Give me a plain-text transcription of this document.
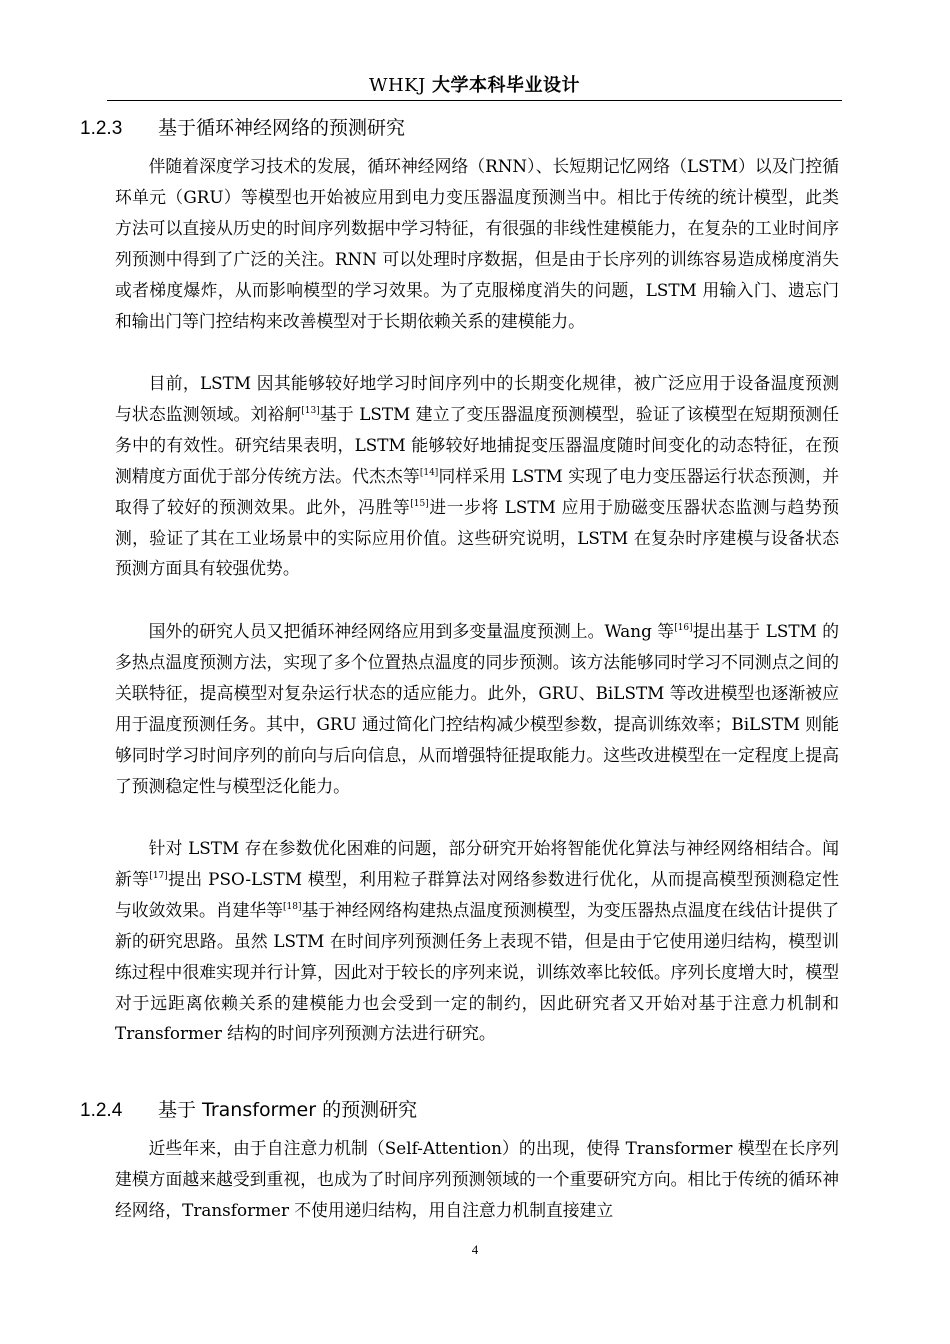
WHKJ 大学本科毕业设计
1.2.3 基于循环神经网络的预测研究

伴随着深度学习技术的发展，循环神经网络（RNN）、长短期记忆网络（LSTM）以及门控循环单元（GRU）等模型也开始被应用到电力变压器温度预测当中。相比于传统的统计模型，此类方法可以直接从历史的时间序列数据中学习特征，有很强的非线性建模能力，在复杂的工业时间序列预测中得到了广泛的关注。RNN 可以处理时序数据，但是由于长序列的训练容易造成梯度消失或者梯度爆炸，从而影响模型的学习效果。为了克服梯度消失的问题，LSTM 用输入门、遗忘门和输出门等门控结构来改善模型对于长期依赖关系的建模能力。

目前，LSTM 因其能够较好地学习时间序列中的长期变化规律，被广泛应用于设备温度预测与状态监测领域。刘裕舸[13]基于 LSTM 建立了变压器温度预测模型，验证了该模型在短期预测任务中的有效性。研究结果表明，LSTM 能够较好地捕捉变压器温度随时间变化的动态特征，在预测精度方面优于部分传统方法。代杰杰等[14]同样采用 LSTM 实现了电力变压器运行状态预测，并取得了较好的预测效果。此外，冯胜等[15]进一步将 LSTM 应用于励磁变压器状态监测与趋势预测，验证了其在工业场景中的实际应用价值。这些研究说明，LSTM 在复杂时序建模与设备状态预测方面具有较强优势。

国外的研究人员又把循环神经网络应用到多变量温度预测上。Wang 等[16]提出基于 LSTM 的多热点温度预测方法，实现了多个位置热点温度的同步预测。该方法能够同时学习不同测点之间的关联特征，提高模型对复杂运行状态的适应能力。此外，GRU、BiLSTM 等改进模型也逐渐被应用于温度预测任务。其中，GRU 通过简化门控结构减少模型参数，提高训练效率；BiLSTM 则能够同时学习时间序列的前向与后向信息，从而增强特征提取能力。这些改进模型在一定程度上提高了预测稳定性与模型泛化能力。

针对 LSTM 存在参数优化困难的问题，部分研究开始将智能优化算法与神经网络相结合。闻新等[17]提出 PSO-LSTM 模型，利用粒子群算法对网络参数进行优化，从而提高模型预测稳定性与收敛效果。肖建华等[18]基于神经网络构建热点温度预测模型，为变压器热点温度在线估计提供了新的研究思路。虽然 LSTM 在时间序列预测任务上表现不错，但是由于它使用递归结构，模型训练过程中很难实现并行计算，因此对于较长的序列来说，训练效率比较低。序列长度增大时，模型对于远距离依赖关系的建模能力也会受到一定的制约，因此研究者又开始对基于注意力机制和 Transformer 结构的时间序列预测方法进行研究。

1.2.4 基于 Transformer 的预测研究

近些年来，由于自注意力机制（Self-Attention）的出现，使得 Transformer 模型在长序列建模方面越来越受到重视，也成为了时间序列预测领域的一个重要研究方向。相比于传统的循环神经网络，Transformer 不使用递归结构，用自注意力机制直接建立

4
